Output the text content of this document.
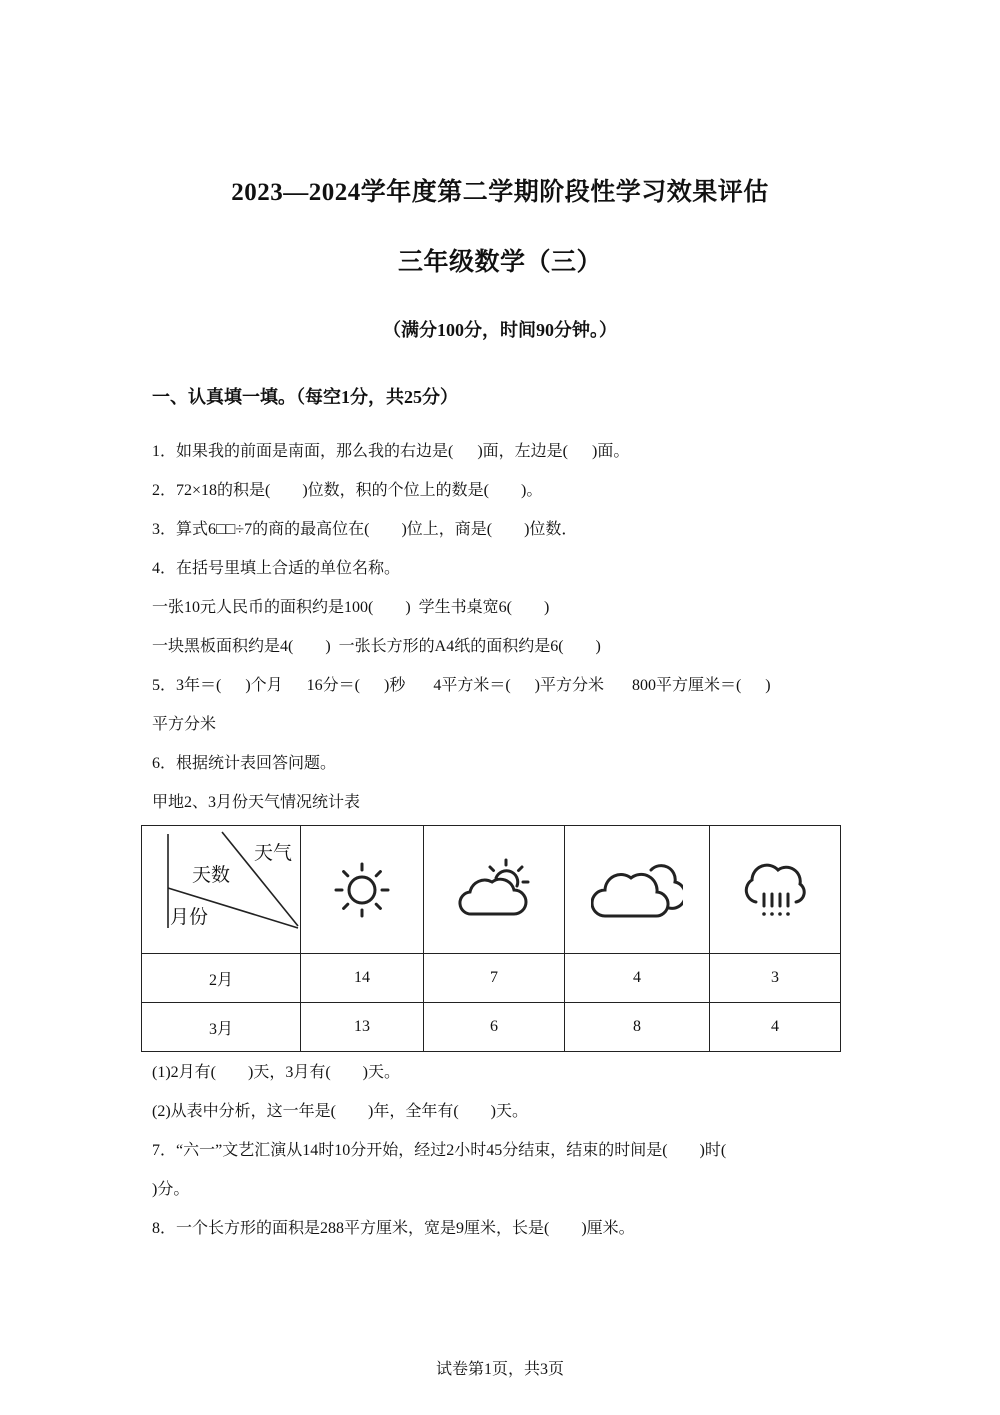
2023—2024学年度第二学期阶段性学习效果评估
三年级数学（三）
（满分100分，时间90分钟。）
一、认真填一填。（每空1分，共25分）
1．如果我的前面是南面，那么我的右边是(      )面，左边是(      )面。
2．72×18的积是(        )位数，积的个位上的数是(        )。
3．算式6□□÷7的商的最高位在(        )位上，商是(        )位数．
4．在括号里填上合适的单位名称。
一张10元人民币的面积约是100(        )  学生书桌宽6(        )
一块黑板面积约是4(        )  一张长方形的A4纸的面积约是6(        )
5．3年＝(      )个月      16分＝(      )秒       4平方米＝(      )平方分米       800平方厘米＝(      )
平方分米
6．根据统计表回答问题。
甲地2、3月份天气情况统计表
天气
天数
月份

2月	14	7	4	3
3月	13	6	8	4
(1)2月有(        )天，3月有(        )天。
(2)从表中分析，这一年是(        )年，全年有(        )天。
7．“六一”文艺汇演从14时10分开始，经过2小时45分结束，结束的时间是(        )时(
)分。
8．一个长方形的面积是288平方厘米，宽是9厘米，长是(        )厘米。
试卷第1页，共3页
